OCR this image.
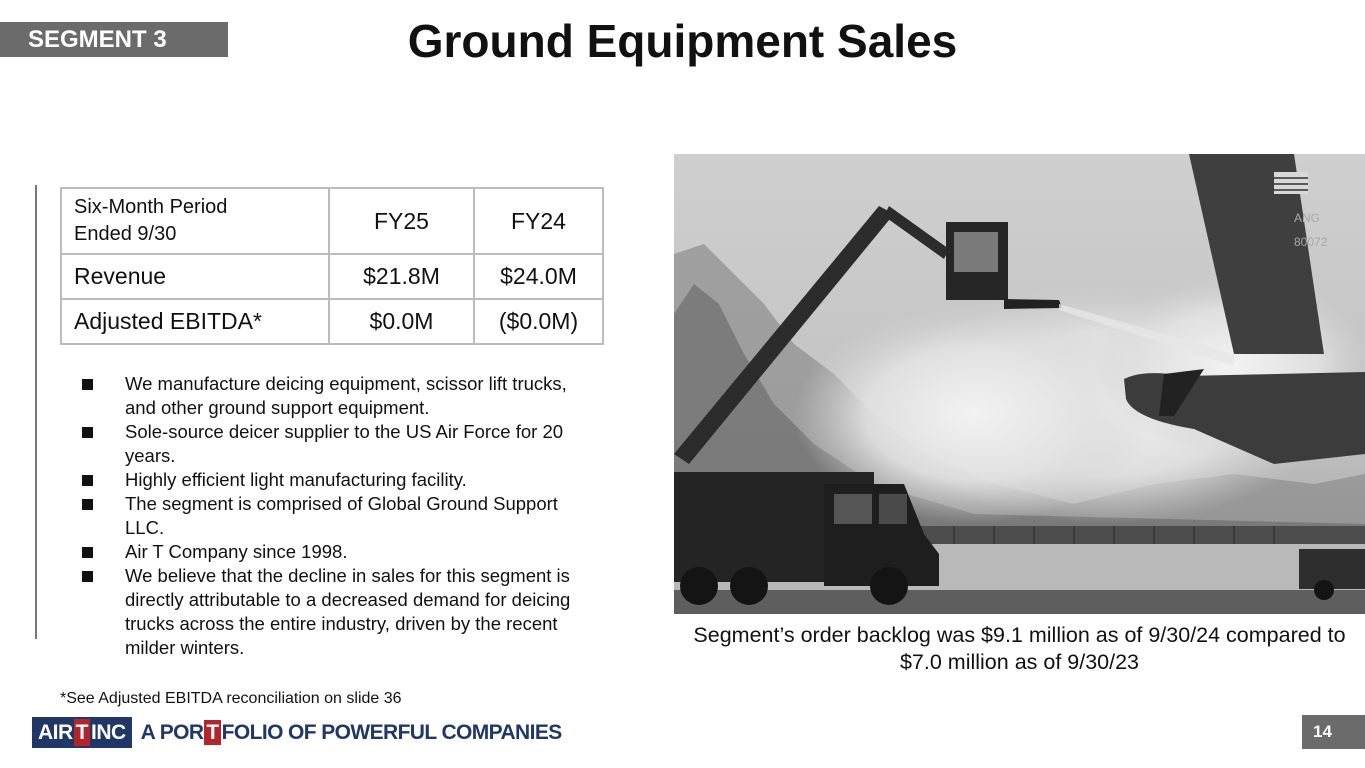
SEGMENT 3	Ground Equipment Sales
Six-Month Period
Ended 9/30	FY25	FY24
Revenue	$21.8M	$24.0M
Adjusted EBITDA*	$0.0M	($0.0M)
We manufacture deicing equipment, scissor lift trucks, and other ground support equipment.
Sole-source deicer supplier to the US Air Force for 20 years.
Highly efficient light manufacturing facility.
The segment is comprised of Global Ground Support LLC.
Air T Company since 1998.
We believe that the decline in sales for this segment is directly attributable to a decreased demand for deicing trucks across the entire industry, driven by the recent milder winters.
*See Adjusted EBITDA reconciliation on slide 36
ANG
80072
Segment’s order backlog was $9.1 million as of 9/30/24 compared to $7.0 million as of 9/30/23
AIR T INC A POR T FOLIO OF POWERFUL COMPANIES	14
